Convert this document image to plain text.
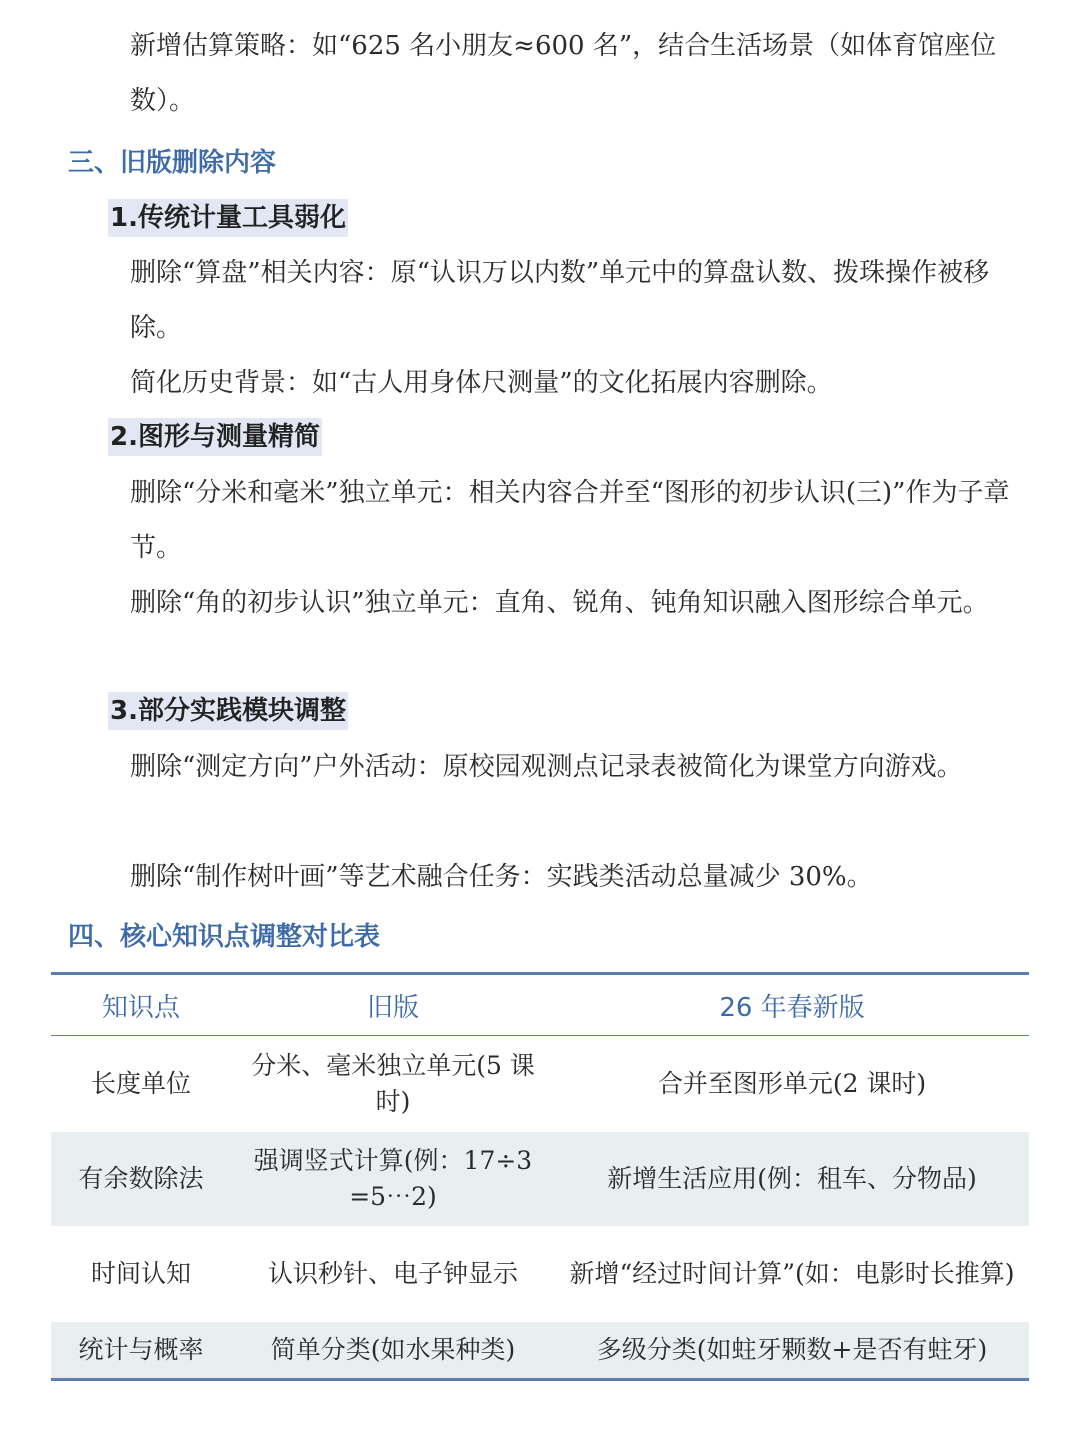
新增估算策略：如“625 名小朋友≈600 名”，结合生活场景（如体育馆座位数）。

三、旧版删除内容
1.传统计量工具弱化

删除“算盘”相关内容：原“认识万以内数”单元中的算盘认数、拨珠操作被移除。

简化历史背景：如“古人用身体尺测量”的文化拓展内容删除。

2.图形与测量精简

删除“分米和毫米”独立单元：相关内容合并至“图形的初步认识(三)”作为子章节。

删除“角的初步认识”独立单元：直角、锐角、钝角知识融入图形综合单元。

3.部分实践模块调整

删除“测定方向”户外活动：原校园观测点记录表被简化为课堂方向游戏。

删除“制作树叶画”等艺术融合任务：实践类活动总量减少 30%。

四、核心知识点调整对比表
知识点	旧版	26 年春新版
长度单位	分米、毫米独立单元(5 课时)	合并至图形单元(2 课时)
有余数除法	强调竖式计算(例：17÷3 =5⋯2)	新增生活应用(例：租车、分物品)
时间认知	认识秒针、电子钟显示	新增“经过时间计算”(如：电影时长推算)
统计与概率	简单分类(如水果种类)	多级分类(如蛀牙颗数+是否有蛀牙)
